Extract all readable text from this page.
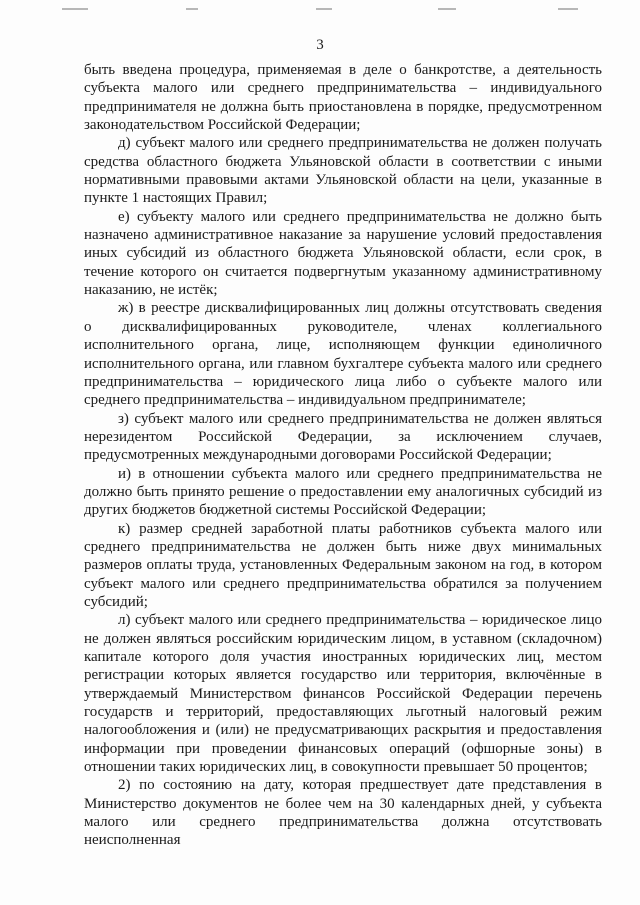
3

быть введена процедура, применяемая в деле о банкротстве, а деятельность субъекта малого или среднего предпринимательства – индивидуального предпринимателя не должна быть приостановлена в порядке, предусмотренном законодательством Российской Федерации;

д) субъект малого или среднего предпринимательства не должен получать средства областного бюджета Ульяновской области в соответствии с иными нормативными правовыми актами Ульяновской области на цели, указанные в пункте 1 настоящих Правил;

е) субъекту малого или среднего предпринимательства не должно быть назначено административное наказание за нарушение условий предоставления иных субсидий из областного бюджета Ульяновской области, если срок, в течение которого он считается подвергнутым указанному административному наказанию, не истёк;

ж) в реестре дисквалифицированных лиц должны отсутствовать сведения о дисквалифицированных руководителе, членах коллегиального исполнительного органа, лице, исполняющем функции единоличного исполнительного органа, или главном бухгалтере субъекта малого или среднего предпринимательства – юридического лица либо о субъекте малого или среднего предпринимательства – индивидуальном предпринимателе;

з) субъект малого или среднего предпринимательства не должен являться нерезидентом Российской Федерации, за исключением случаев, предусмотренных международными договорами Российской Федерации;

и) в отношении субъекта малого или среднего предпринимательства не должно быть принято решение о предоставлении ему аналогичных субсидий из других бюджетов бюджетной системы Российской Федерации;

к) размер средней заработной платы работников субъекта малого или среднего предпринимательства не должен быть ниже двух минимальных размеров оплаты труда, установленных Федеральным законом на год, в котором субъект малого или среднего предпринимательства обратился за получением субсидий;

л) субъект малого или среднего предпринимательства – юридическое лицо не должен являться российским юридическим лицом, в уставном (складочном) капитале которого доля участия иностранных юридических лиц, местом регистрации которых является государство или территория, включённые в утверждаемый Министерством финансов Российской Федерации перечень государств и территорий, предоставляющих льготный налоговый режим налогообложения и (или) не предусматривающих раскрытия и предоставления информации при проведении финансовых операций (офшорные зоны) в отношении таких юридических лиц, в совокупности превышает 50 процентов;

2) по состоянию на дату, которая предшествует дате представления в Министерство документов не более чем на 30 календарных дней, у субъекта малого или среднего предпринимательства должна отсутствовать неисполненная
